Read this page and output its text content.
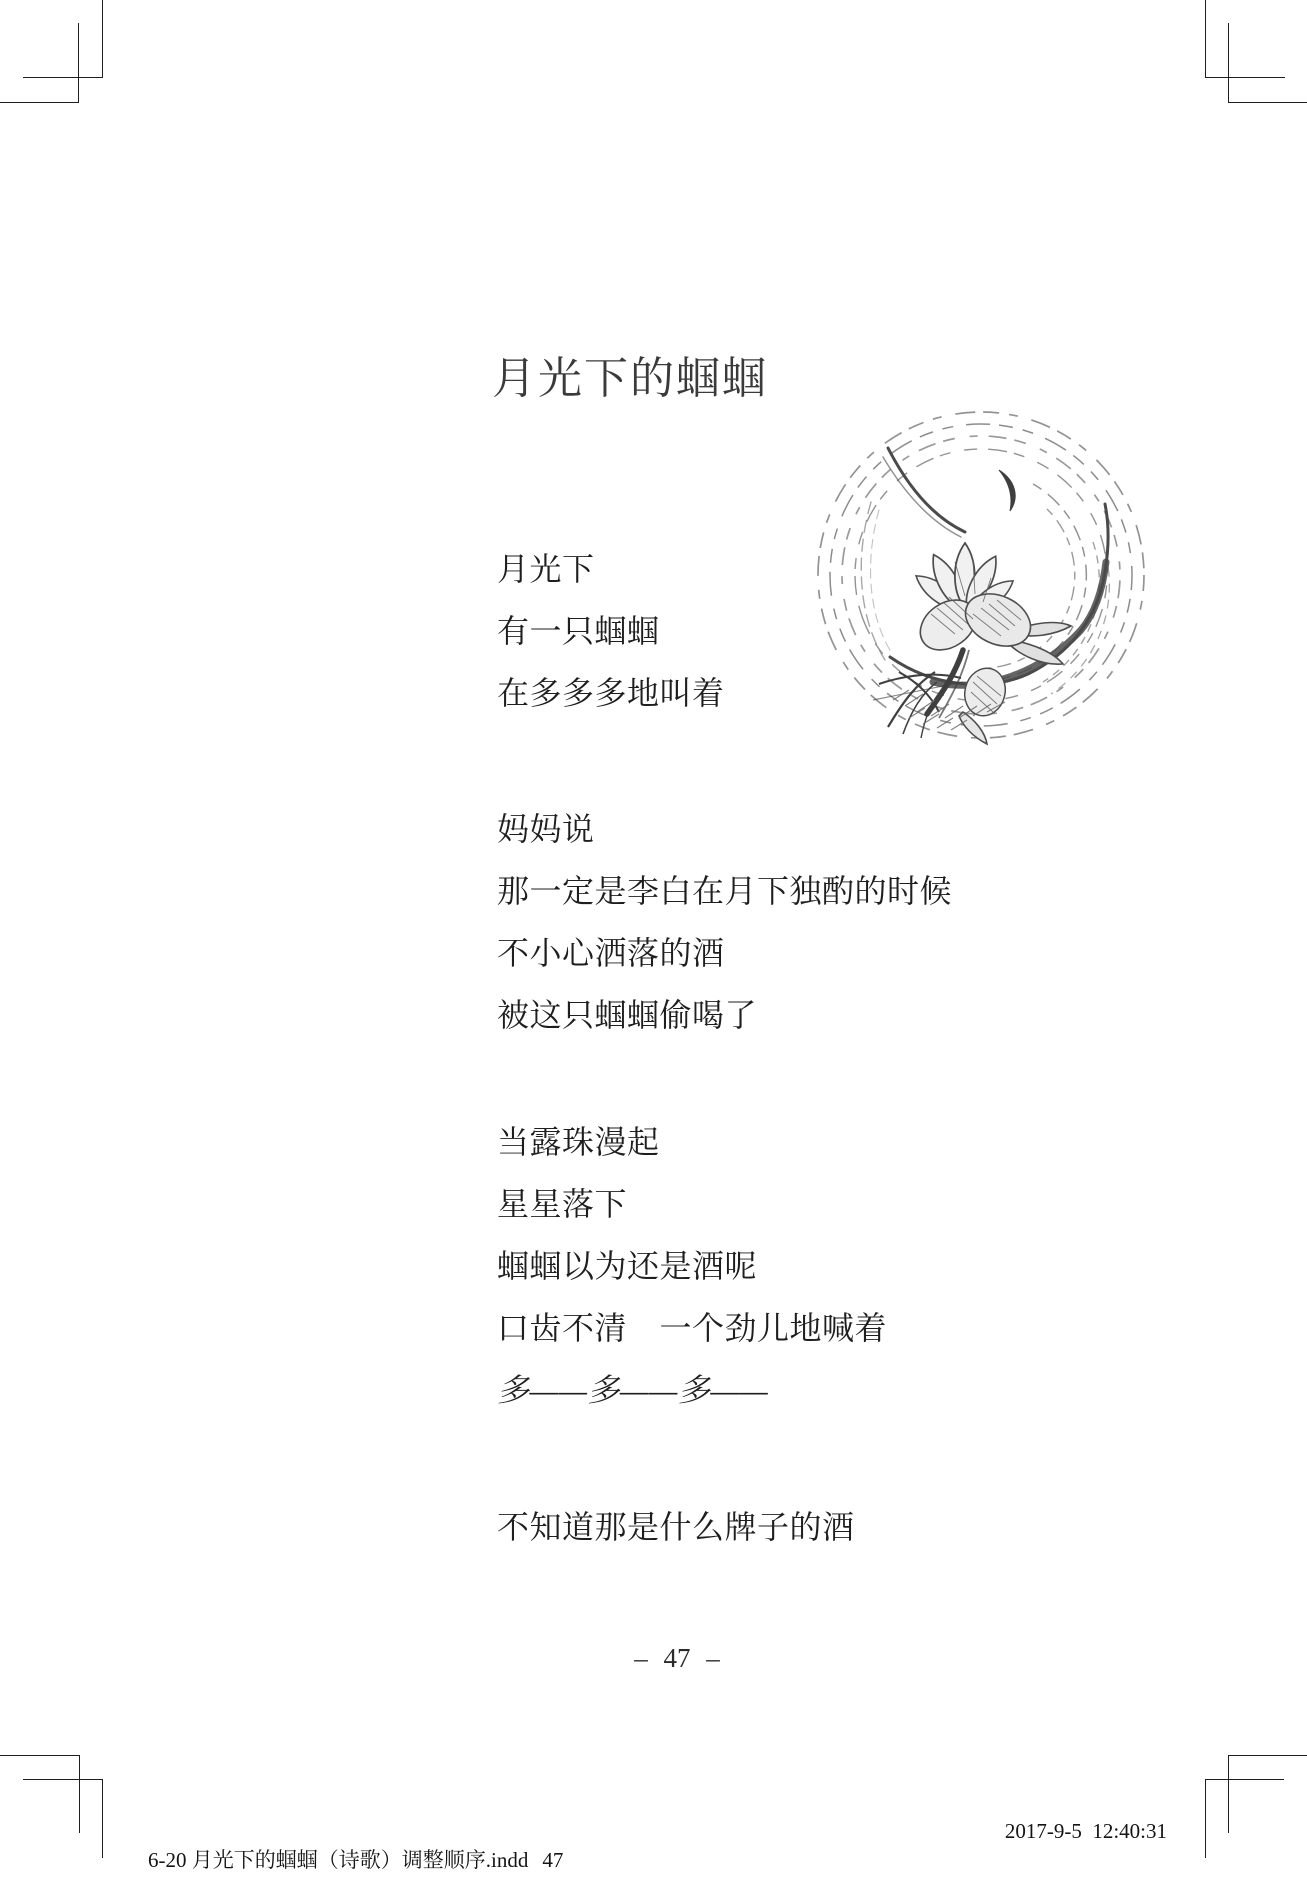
月光下的蝈蝈
月光下
有一只蝈蝈
在多多多地叫着
妈妈说
那一定是李白在月下独酌的时候
不小心洒落的酒
被这只蝈蝈偷喝了
当露珠漫起
星星落下
蝈蝈以为还是酒呢
口齿不清　一个劲儿地喊着
多——多——多——
不知道那是什么牌子的酒
– 47 –

6-20 月光下的蝈蝈（诗歌）调整顺序.indd 47

2017-9-5  12:40:31
